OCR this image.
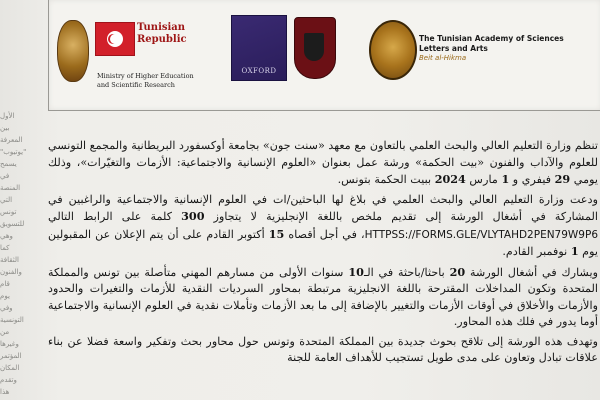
Tunisian
Republic
Ministry of Higher Education
and Scientific Research
OXFORD
The Tunisian Academy of Sciences
Letters and Arts
Beit al-Hikma
ﺍﻷﻭﻝ
ﺑﻴﻦ
ﺍﻟﻤﻌﺮﻓﺔ
"ﻳﻮﺗﻴﻮﺏ"
ﻳﺴﻤﺢ
ﻓﻲ
ﺍﻟﻤﻨﺼﺔ
ﺍﻟﺘﻲ
ﺗﻮﻧﺲ
ﻟﻠﺘﺴﻮﻳﻖ
ﻭﻫﻲ
ﻛﻤﺎ
ﺍﻟﺜﻘﺎﻓﺔ
ﻭﺍﻟﻔﻨﻮﻥ
ﻗﺎﻡ
ﻳﻮﻡ
ﻭﻓﻲ
ﺍﻟﺘﻮﻧﺴﻴﺔ
ﻣﻦ
ﻭﻏﻴﺮﻫﺎ
ﺍﻟﻤﺆﺗﻤﺮ
ﺍﻟﻤﻜﺎﻥ
ﻭﺗﻘﺪﻡ
ﻫﺬﺍ

تنظم وزارة التعليم العالي والبحث العلمي بالتعاون مع معهد «سنت جون» بجامعة أوكسفورد البريطانية والمجمع التونسي للعلوم والآداب والفنون «بيت الحكمة» ورشة عمل بعنوان «العلوم الإنسانية والاجتماعية: الأزمات والتغيّرات»، وذلك يومي 29 فيفري و 1 مارس 2024 ببيت الحكمة بتونس.

ودعت وزارة التعليم العالي والبحث العلمي في بلاغ لها الباحثين/ات في العلوم الإنسانية والاجتماعية والراغبين في المشاركة في أشغال الورشة إلى تقديم ملخص باللغة الإنجليزية لا يتجاوز 300 كلمة على الرابط التالي HTTPSS://FORMS.GLE/VLYTAHD2PEN79W9P6، في أجل أقصاه 15 أكتوبر القادم على أن يتم الإعلان عن المقبولين يوم 1 نوفمبر القادم.

ويشارك في أشغال الورشة 20 باحثا/باحثة في الـ10 سنوات الأولى من مسارهم المهني متأصلة بين تونس والمملكة المتحدة وتكون المداخلات المقترحة باللغة الانجليزية مرتبطة بمحاور السرديات النقدية للأزمات والتغيرات والحدود والأزمات والأخلاق في أوقات الأزمات والتغيير بالإضافة إلى ما بعد الأزمات وتأملات نقدية في العلوم الإنسانية والاجتماعية أوما يدور في فلك هذه المحاور.

وتهدف هذه الورشة إلى تلاقح بحوث جديدة بين المملكة المتحدة وتونس حول محاور بحث وتفكير واسعة فضلا عن بناء علاقات تبادل وتعاون على مدى طويل تستجيب للأهداف العامة للجنة
